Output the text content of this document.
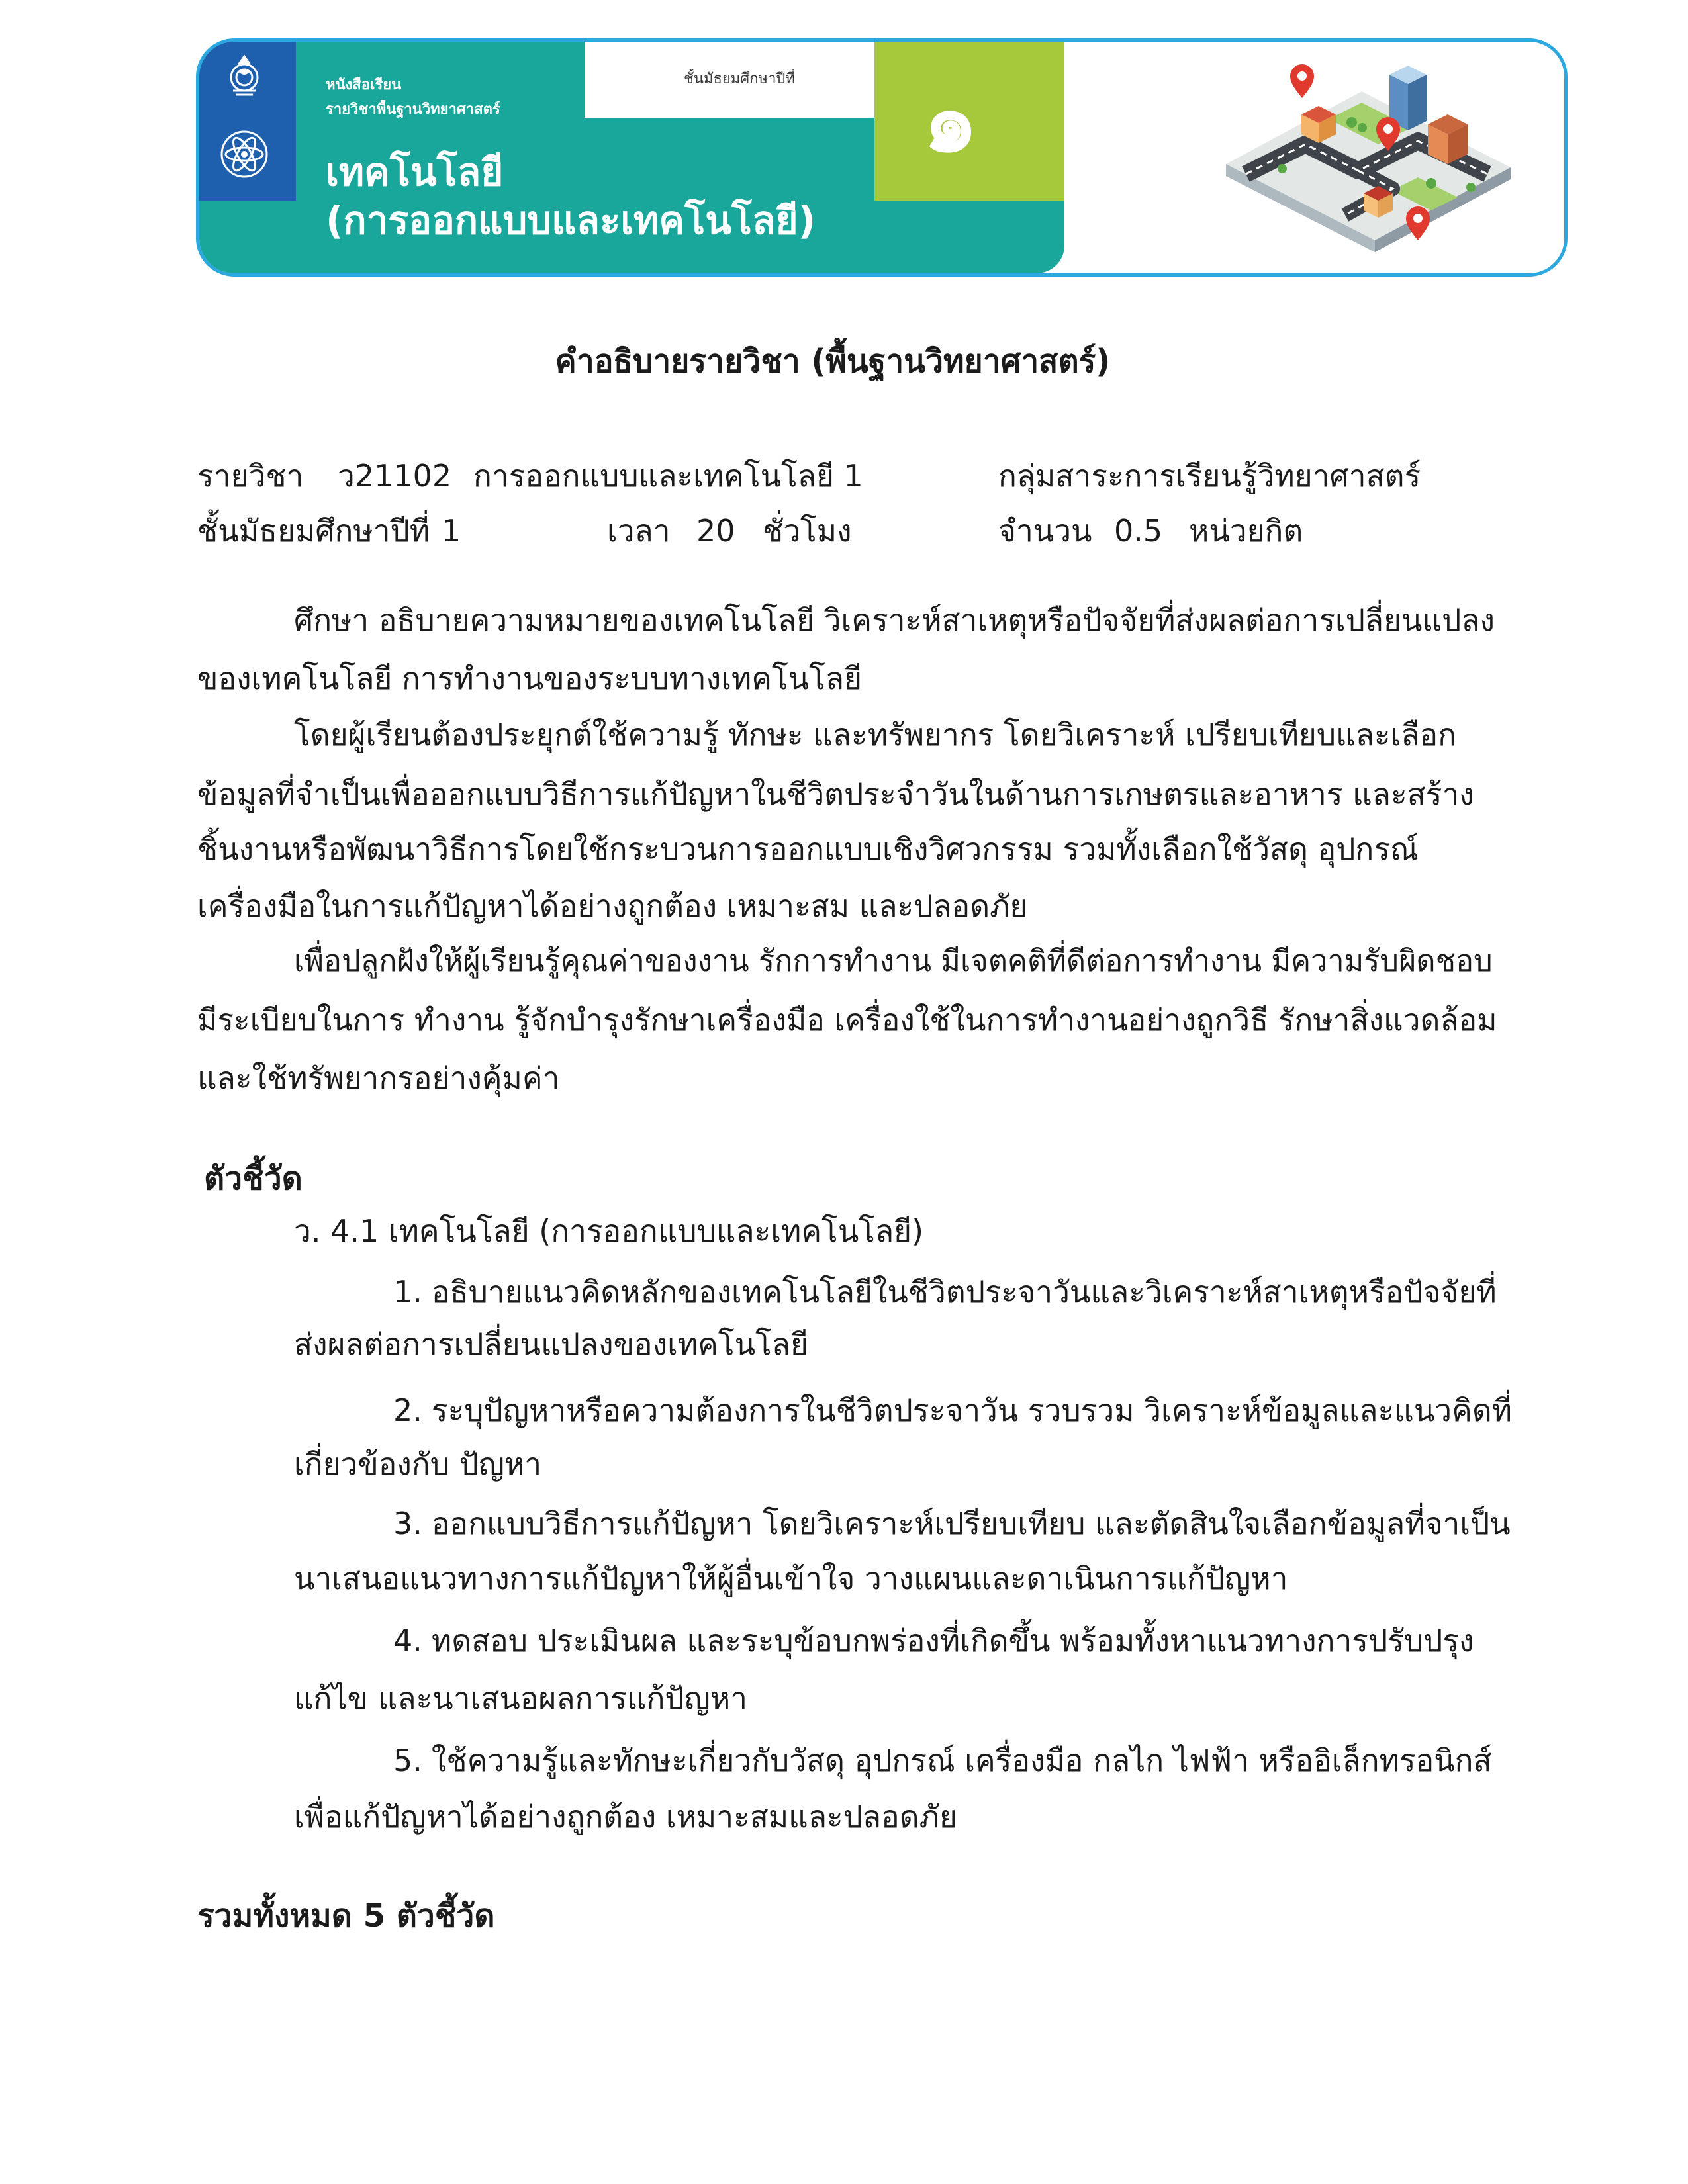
หนังสือเรียน
รายวิชาพื้นฐานวิทยาศาสตร์
เทคโนโลยี
(การออกแบบและเทคโนโลยี)
ชั้นมัธยมศึกษาปีที่	๑
คำอธิบายรายวิชา (พื้นฐานวิทยาศาสตร์)
รายวิชา ว21102 การออกแบบและเทคโนโลยี 1	กลุ่มสาระการเรียนรู้วิทยาศาสตร์
ชั้นมัธยมศึกษาปีที่ 1	เวลา 20 ชั่วโมง	จำนวน 0.5 หน่วยกิต
ศึกษา อธิบายความหมายของเทคโนโลยี วิเคราะห์สาเหตุหรือปัจจัยที่ส่งผลต่อการเปลี่ยนแปลง
ของเทคโนโลยี การทำงานของระบบทางเทคโนโลยี
โดยผู้เรียนต้องประยุกต์ใช้ความรู้ ทักษะ และทรัพยากร โดยวิเคราะห์ เปรียบเทียบและเลือก
ข้อมูลที่จำเป็นเพื่อออกแบบวิธีการแก้ปัญหาในชีวิตประจำวันในด้านการเกษตรและอาหาร และสร้าง
ชิ้นงานหรือพัฒนาวิธีการโดยใช้กระบวนการออกแบบเชิงวิศวกรรม รวมทั้งเลือกใช้วัสดุ อุปกรณ์
เครื่องมือในการแก้ปัญหาได้อย่างถูกต้อง เหมาะสม และปลอดภัย
เพื่อปลูกฝังให้ผู้เรียนรู้คุณค่าของงาน รักการทำงาน มีเจตคติที่ดีต่อการทำงาน มีความรับผิดชอบ
มีระเบียบในการ ทำงาน รู้จักบำรุงรักษาเครื่องมือ เครื่องใช้ในการทำงานอย่างถูกวิธี รักษาสิ่งแวดล้อม
และใช้ทรัพยากรอย่างคุ้มค่า
ตัวชี้วัด
ว. 4.1 เทคโนโลยี (การออกแบบและเทคโนโลยี)
1. อธิบายแนวคิดหลักของเทคโนโลยีในชีวิตประจาวันและวิเคราะห์สาเหตุหรือปัจจัยที่
ส่งผลต่อการเปลี่ยนแปลงของเทคโนโลยี
2. ระบุปัญหาหรือความต้องการในชีวิตประจาวัน รวบรวม วิเคราะห์ข้อมูลและแนวคิดที่
เกี่ยวข้องกับ ปัญหา
3. ออกแบบวิธีการแก้ปัญหา โดยวิเคราะห์เปรียบเทียบ และตัดสินใจเลือกข้อมูลที่จาเป็น
นาเสนอแนวทางการแก้ปัญหาให้ผู้อื่นเข้าใจ วางแผนและดาเนินการแก้ปัญหา
4. ทดสอบ ประเมินผล และระบุข้อบกพร่องที่เกิดขึ้น พร้อมทั้งหาแนวทางการปรับปรุง
แก้ไข และนาเสนอผลการแก้ปัญหา
5. ใช้ความรู้และทักษะเกี่ยวกับวัสดุ อุปกรณ์ เครื่องมือ กลไก ไฟฟ้า หรืออิเล็กทรอนิกส์
เพื่อแก้ปัญหาได้อย่างถูกต้อง เหมาะสมและปลอดภัย
รวมทั้งหมด 5 ตัวชี้วัด
